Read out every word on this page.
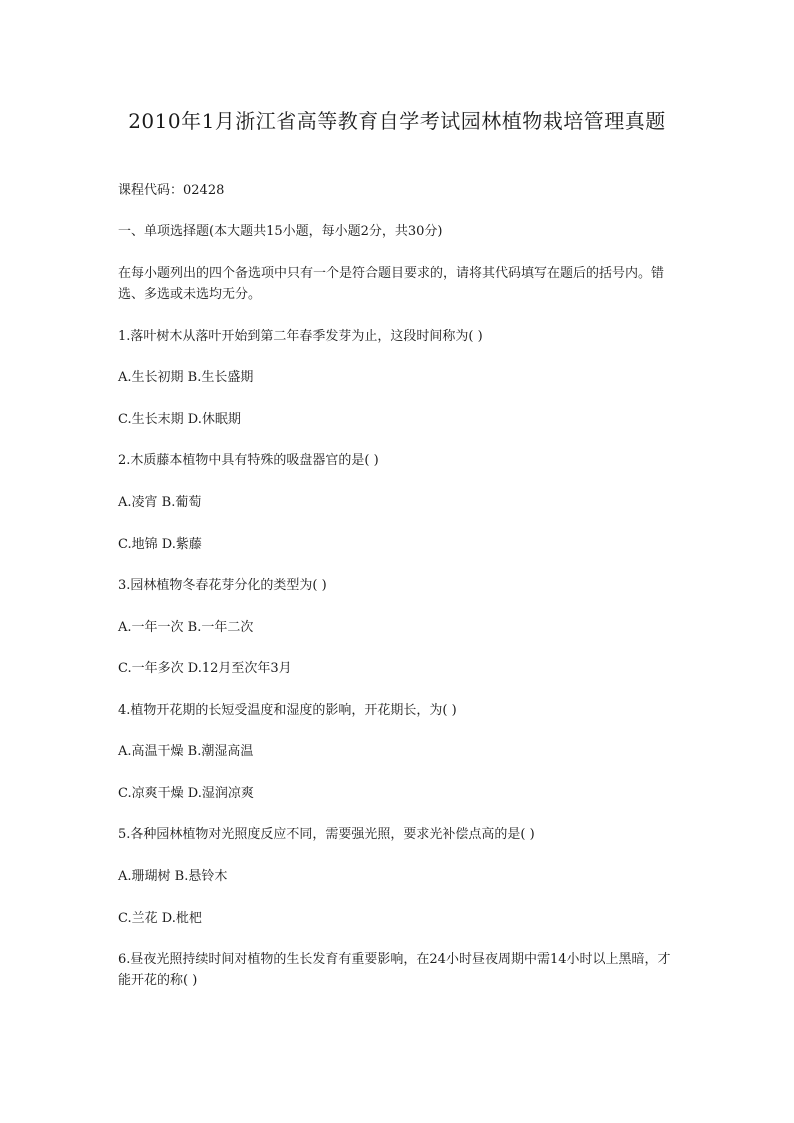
2010年1月浙江省高等教育自学考试园林植物栽培管理真题
课程代码：02428
一、单项选择题(本大题共15小题，每小题2分，共30分)
在每小题列出的四个备选项中只有一个是符合题目要求的，请将其代码填写在题后的括号内。错选、多选或未选均无分。
1.落叶树木从落叶开始到第二年春季发芽为止，这段时间称为( )
A.生长初期 B.生长盛期
C.生长末期 D.休眠期
2.木质藤本植物中具有特殊的吸盘器官的是( )
A.凌宵 B.葡萄
C.地锦 D.紫藤
3.园林植物冬春花芽分化的类型为( )
A.一年一次 B.一年二次
C.一年多次 D.12月至次年3月
4.植物开花期的长短受温度和湿度的影响，开花期长，为( )
A.高温干燥 B.潮湿高温
C.凉爽干燥 D.湿润凉爽
5.各种园林植物对光照度反应不同，需要强光照，要求光补偿点高的是( )
A.珊瑚树 B.悬铃木
C.兰花 D.枇杷
6.昼夜光照持续时间对植物的生长发育有重要影响，在24小时昼夜周期中需14小时以上黑暗，才能开花的称( )
